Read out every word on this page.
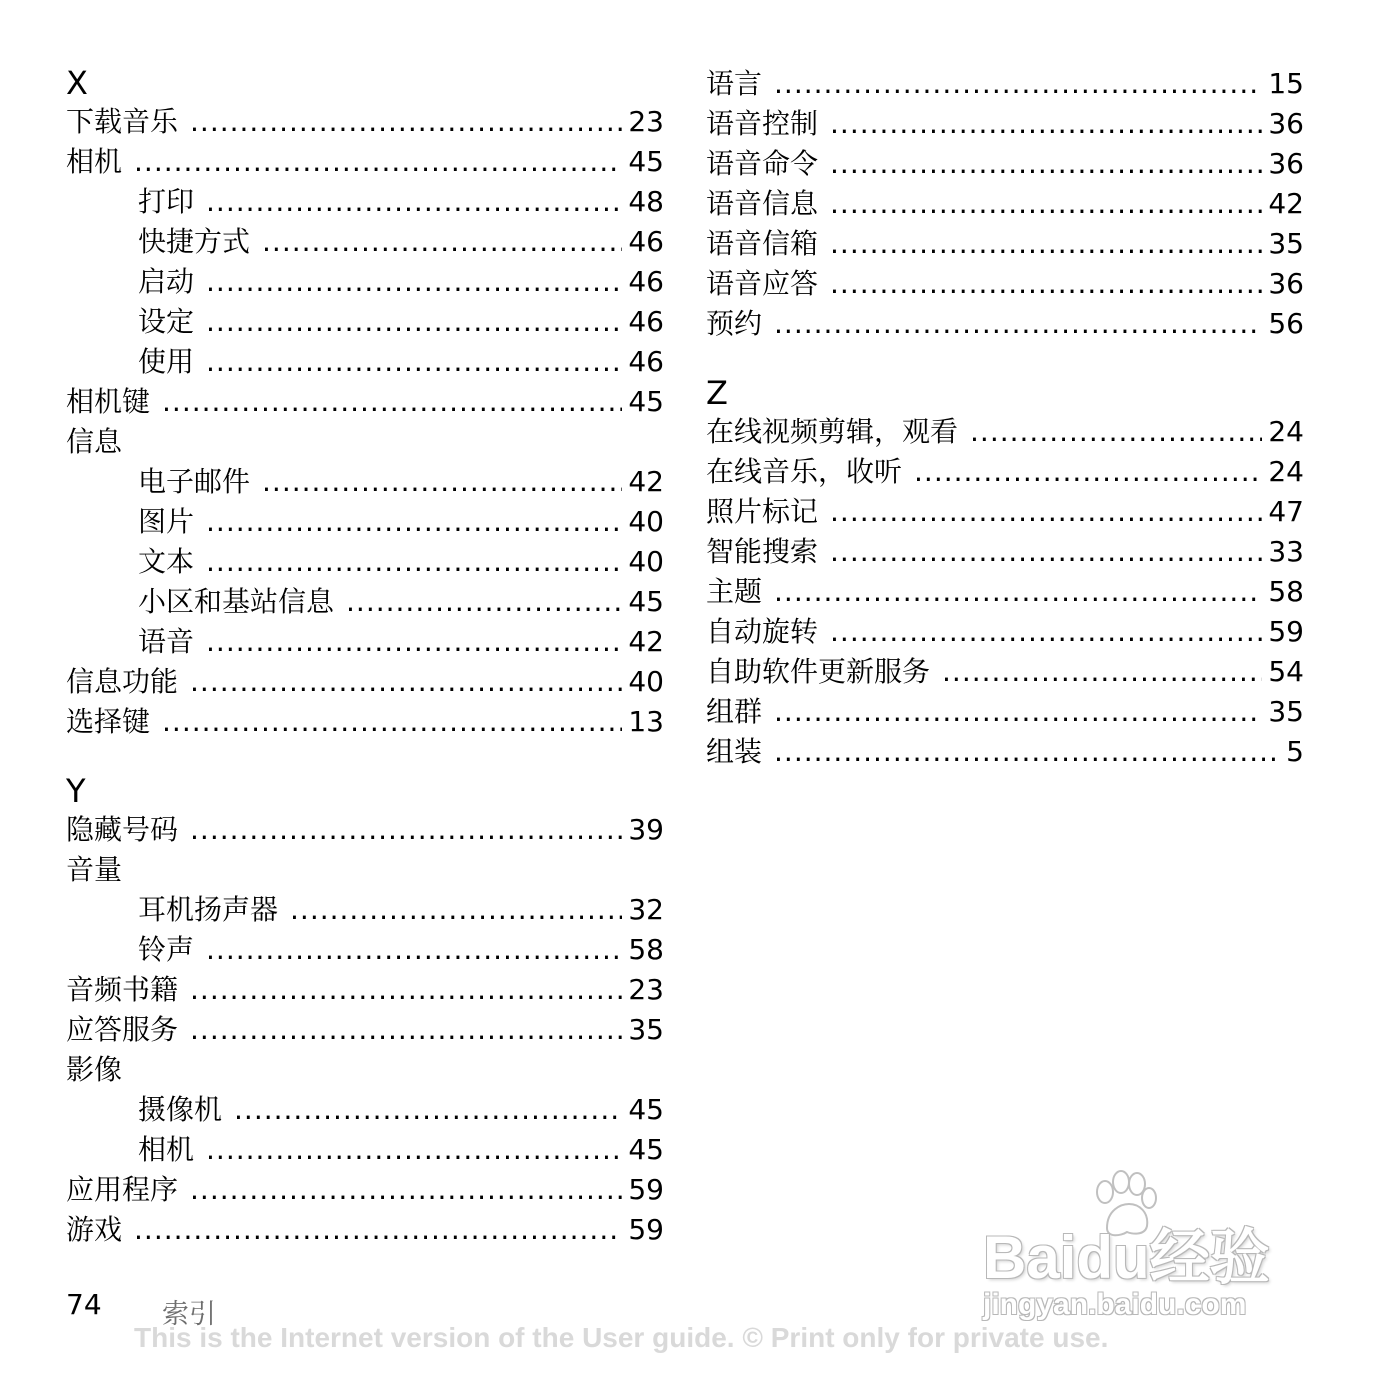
X
下载音乐 .....	23
相机 .....	45
打印 .....	48
快捷方式 .....	46
启动 .....	46
设定 .....	46
使用 .....	46
相机键 .....	45
信息
电子邮件 .....	42
图片 .....	40
文本 .....	40
小区和基站信息 .....	45
语音 .....	42
信息功能 .....	40
选择键 .....	13
Y
隐藏号码 .....	39
音量
耳机扬声器 .....	32
铃声 .....	58
音频书籍 .....	23
应答服务 .....	35
影像
摄像机 .....	45
相机 .....	45
应用程序 .....	59
游戏 .....	59
语言 .....	15
语音控制 .....	36
语音命令 .....	36
语音信息 .....	42
语音信箱 .....	35
语音应答 .....	36
预约 .....	56
Z
在线视频剪辑，观看 .....	24
在线音乐，收听 .....	24
照片标记 .....	47
智能搜索 .....	33
主题 .....	58
自动旋转 .....	59
自助软件更新服务 .....	54
组群 .....	35
组装 .....	5
Baidu经验
jingyan.baidu.com
74 索引
This is the Internet version of the User guide. © Print only for private use.
